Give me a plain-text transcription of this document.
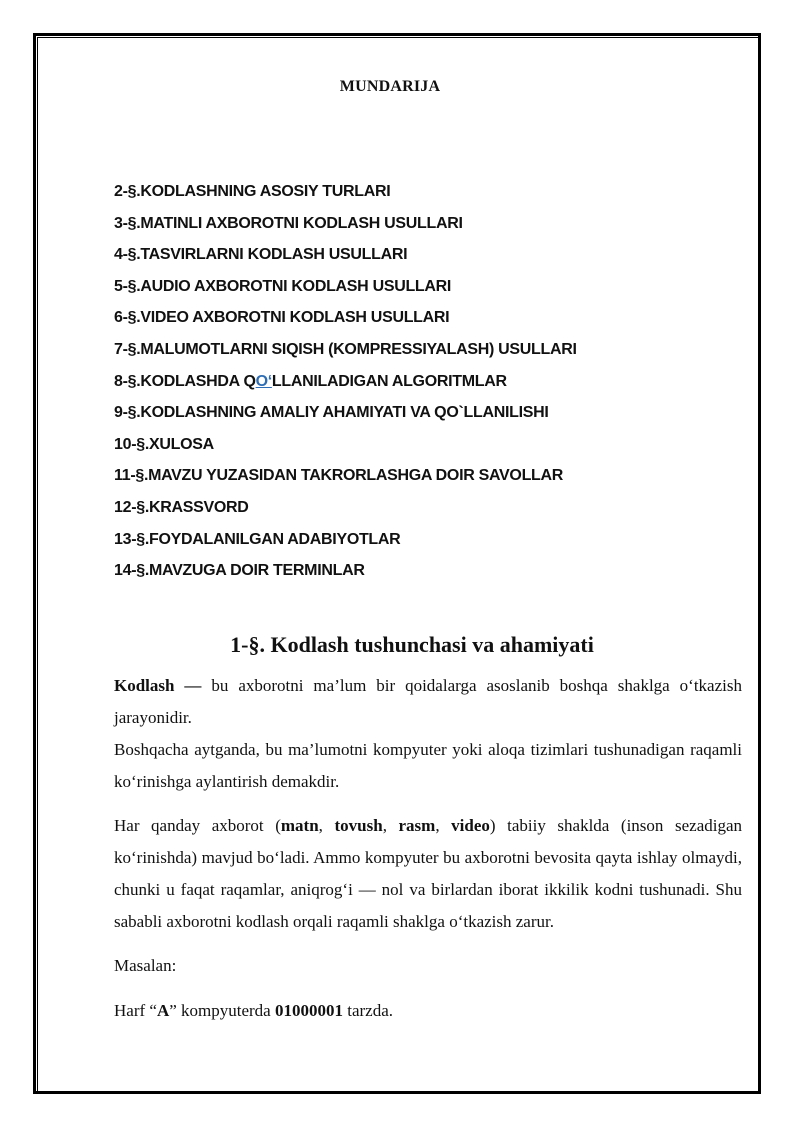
MUNDARIJA
2-§.KODLASHNING ASOSIY TURLARI
3-§.MATINLI AXBOROTNI KODLASH USULLARI
4-§.TASVIRLARNI KODLASH USULLARI
5-§.AUDIO AXBOROTNI KODLASH USULLARI
6-§.VIDEO AXBOROTNI KODLASH USULLARI
7-§.MALUMOTLARNI SIQISH (KOMPRESSIYALASH) USULLARI
8-§.KODLASHDA QO‘LLANILADIGAN ALGORITMLAR
9-§.KODLASHNING AMALIY AHAMIYATI VA QO`LLANILISHI
10-§.XULOSA
11-§.MAVZU YUZASIDAN TAKRORLASHGA DOIR SAVOLLAR
12-§.KRASSVORD
13-§.FOYDALANILGAN ADABIYOTLAR
14-§.MAVZUGA DOIR TERMINLAR
1-§. Kodlash tushunchasi va ahamiyati

Kodlash — bu axborotni ma’lum bir qoidalarga asoslanib boshqa shaklga o‘tkazish jarayonidir.

Boshqacha aytganda, bu ma’lumotni kompyuter yoki aloqa tizimlari tushunadigan raqamli ko‘rinishga aylantirish demakdir.

Har qanday axborot (matn, tovush, rasm, video) tabiiy shaklda (inson sezadigan ko‘rinishda) mavjud bo‘ladi. Ammo kompyuter bu axborotni bevosita qayta ishlay olmaydi, chunki u faqat raqamlar, aniqrog‘i — nol va birlardan iborat ikkilik kodni tushunadi. Shu sababli axborotni kodlash orqali raqamli shaklga o‘tkazish zarur.

Masalan:

Harf “A” kompyuterda 01000001 tarzda.
